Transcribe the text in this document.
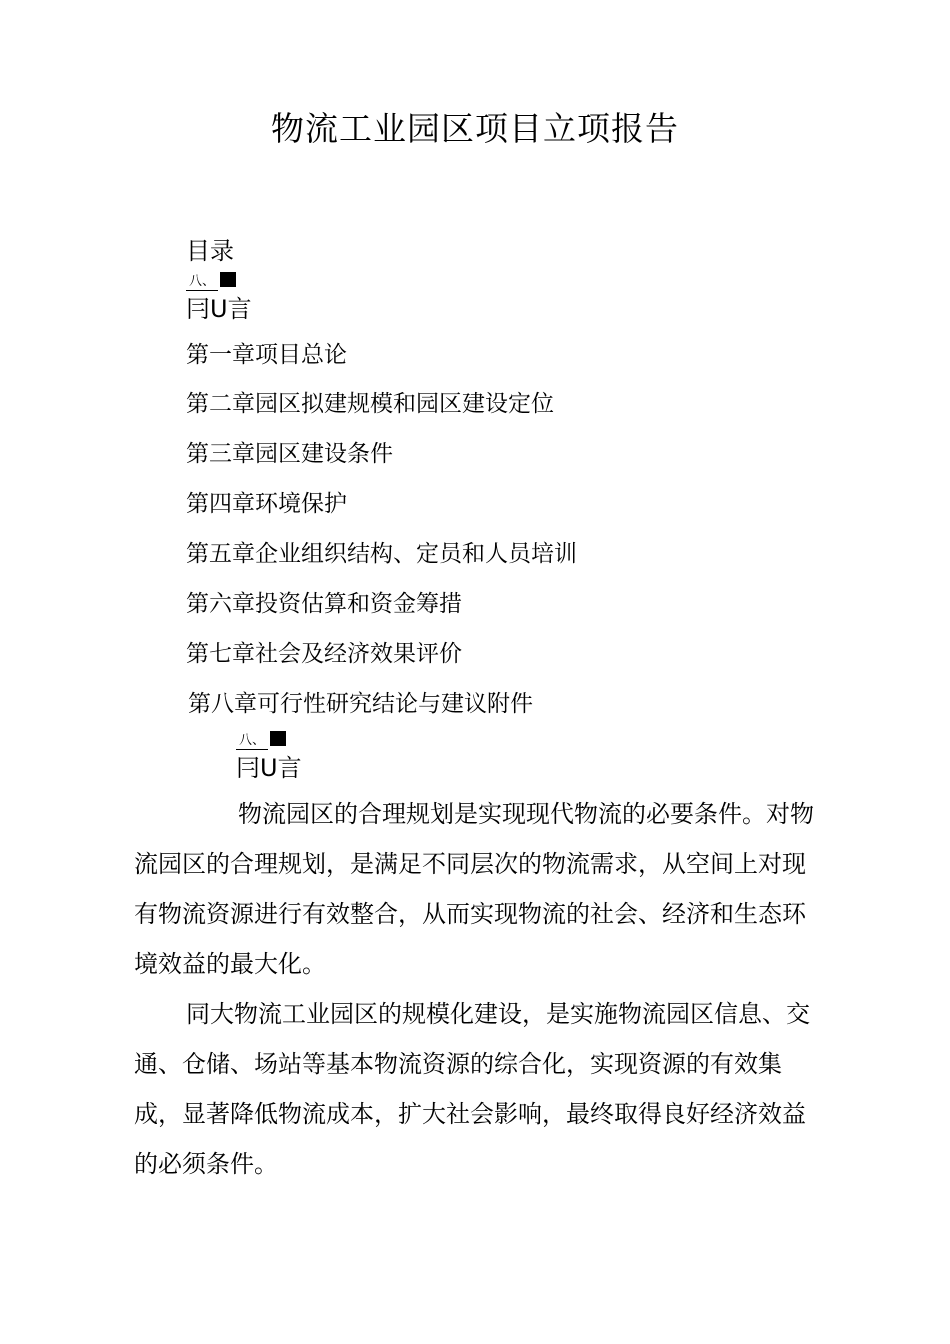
物流工业园区项目立项报告
目录
八、
冃U言
第一章项目总论
第二章园区拟建规模和园区建设定位
第三章园区建设条件
第四章环境保护
第五章企业组织结构、定员和人员培训
第六章投资估算和资金筹措
第七章社会及经济效果评价
第八章可行性研究结论与建议附件
八、
冃U言

物流园区的合理规划是实现现代物流的必要条件。对物流园区的合理规划，是满足不同层次的物流需求，从空间上对现有物流资源进行有效整合，从而实现物流的社会、经济和生态环境效益的最大化。

同大物流工业园区的规模化建设，是实施物流园区信息、交通、仓储、场站等基本物流资源的综合化，实现资源的有效集成，显著降低物流成本，扩大社会影响，最终取得良好经济效益的必须条件。
